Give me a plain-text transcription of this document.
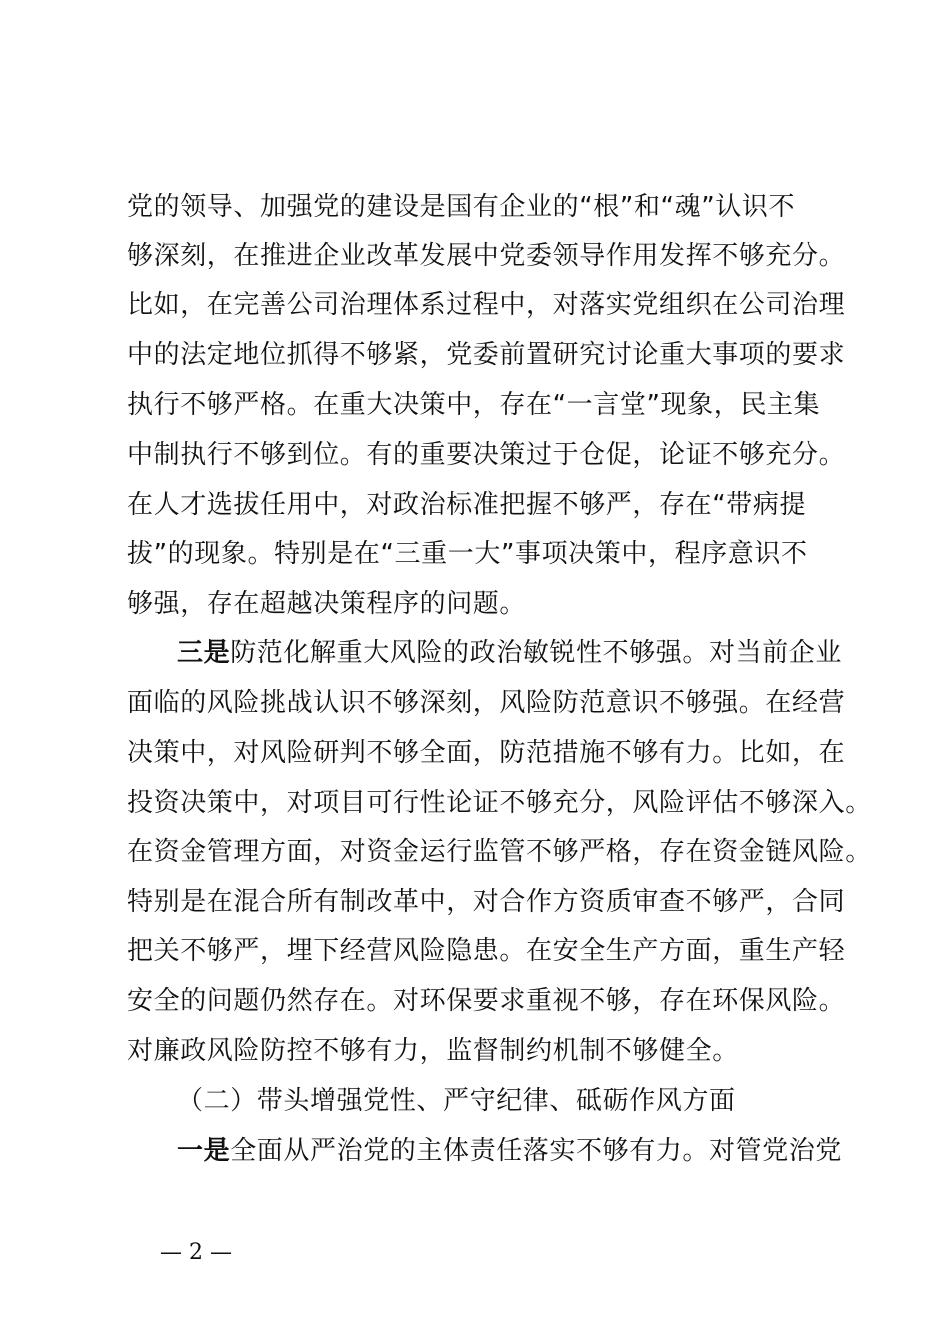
党的领导、加强党的建设是国有企业的“根”和“魂”认识不
够深刻，在推进企业改革发展中党委领导作用发挥不够充分。
比如，在完善公司治理体系过程中，对落实党组织在公司治理
中的法定地位抓得不够紧，党委前置研究讨论重大事项的要求
执行不够严格。在重大决策中，存在“一言堂”现象，民主集
中制执行不够到位。有的重要决策过于仓促，论证不够充分。
在人才选拔任用中，对政治标准把握不够严，存在“带病提
拔”的现象。特别是在“三重一大”事项决策中，程序意识不
够强，存在超越决策程序的问题。
三是防范化解重大风险的政治敏锐性不够强。对当前企业
面临的风险挑战认识不够深刻，风险防范意识不够强。在经营
决策中，对风险研判不够全面，防范措施不够有力。比如，在
投资决策中，对项目可行性论证不够充分，风险评估不够深入。
在资金管理方面，对资金运行监管不够严格，存在资金链风险。
特别是在混合所有制改革中，对合作方资质审查不够严，合同
把关不够严，埋下经营风险隐患。在安全生产方面，重生产轻
安全的问题仍然存在。对环保要求重视不够，存在环保风险。
对廉政风险防控不够有力，监督制约机制不够健全。
（二）带头增强党性、严守纪律、砥砺作风方面
一是全面从严治党的主体责任落实不够有力。对管党治党
— 2 —
